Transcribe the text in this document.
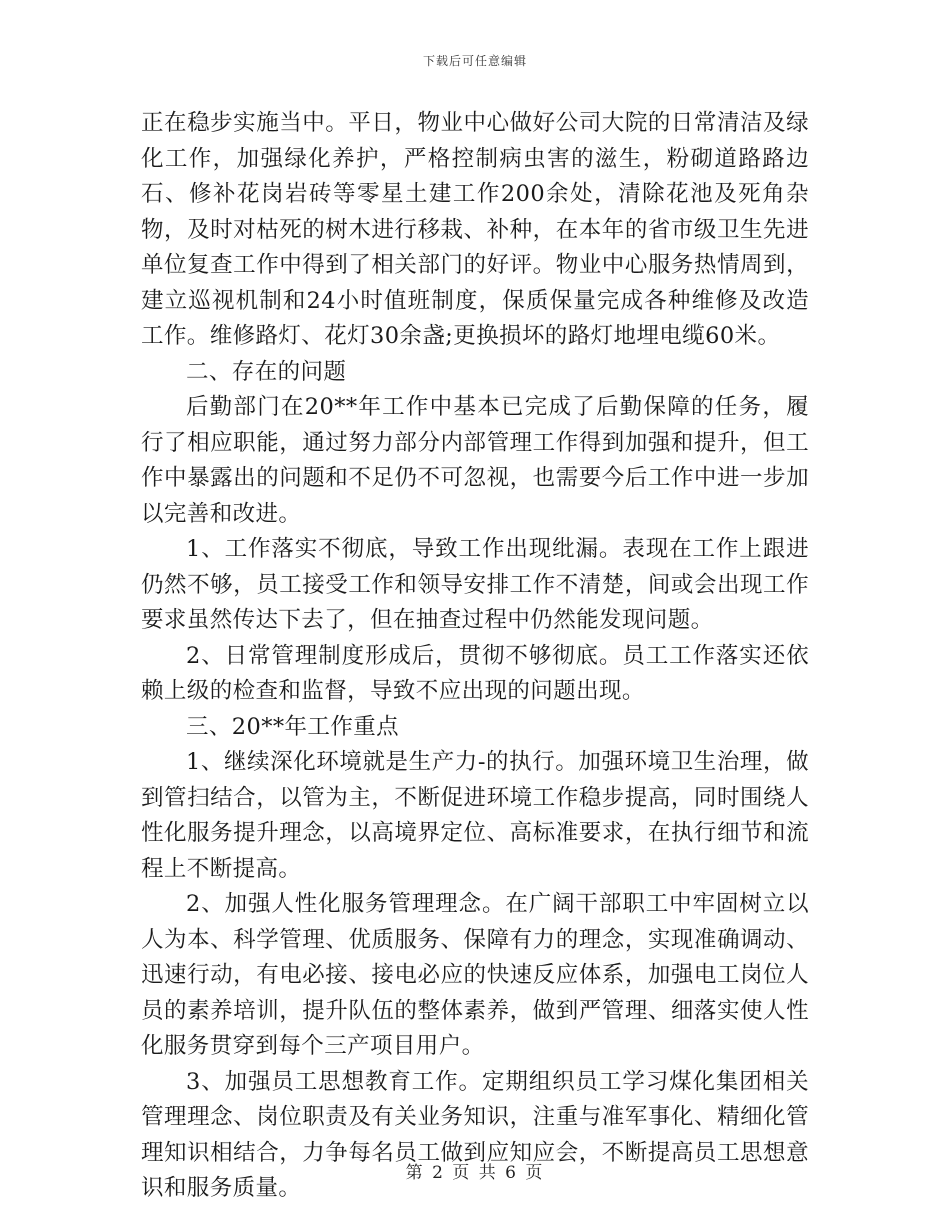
下载后可任意编辑

正在稳步实施当中。平日，物业中心做好公司大院的日常清洁及绿化工作，加强绿化养护，严格控制病虫害的滋生，粉砌道路路边石、修补花岗岩砖等零星土建工作200余处，清除花池及死角杂物，及时对枯死的树木进行移栽、补种，在本年的省市级卫生先进单位复查工作中得到了相关部门的好评。物业中心服务热情周到，建立巡视机制和24小时值班制度，保质保量完成各种维修及改造工作。维修路灯、花灯30余盏;更换损坏的路灯地埋电缆60米。

二、存在的问题

后勤部门在20**年工作中基本已完成了后勤保障的任务，履行了相应职能，通过努力部分内部管理工作得到加强和提升，但工作中暴露出的问题和不足仍不可忽视，也需要今后工作中进一步加以完善和改进。

1、工作落实不彻底，导致工作出现纰漏。表现在工作上跟进仍然不够，员工接受工作和领导安排工作不清楚，间或会出现工作要求虽然传达下去了，但在抽查过程中仍然能发现问题。

2、日常管理制度形成后，贯彻不够彻底。员工工作落实还依赖上级的检查和监督，导致不应出现的问题出现。

三、20**年工作重点

1、继续深化环境就是生产力-的执行。加强环境卫生治理，做到管扫结合，以管为主，不断促进环境工作稳步提高，同时围绕人性化服务提升理念，以高境界定位、高标准要求，在执行细节和流程上不断提高。

2、加强人性化服务管理理念。在广阔干部职工中牢固树立以人为本、科学管理、优质服务、保障有力的理念，实现准确调动、迅速行动，有电必接、接电必应的快速反应体系，加强电工岗位人员的素养培训，提升队伍的整体素养，做到严管理、细落实使人性化服务贯穿到每个三产项目用户。

3、加强员工思想教育工作。定期组织员工学习煤化集团相关管理理念、岗位职责及有关业务知识，注重与准军事化、精细化管理知识相结合，力争每名员工做到应知应会，不断提高员工思想意识和服务质量。

第 2 页 共 6 页
